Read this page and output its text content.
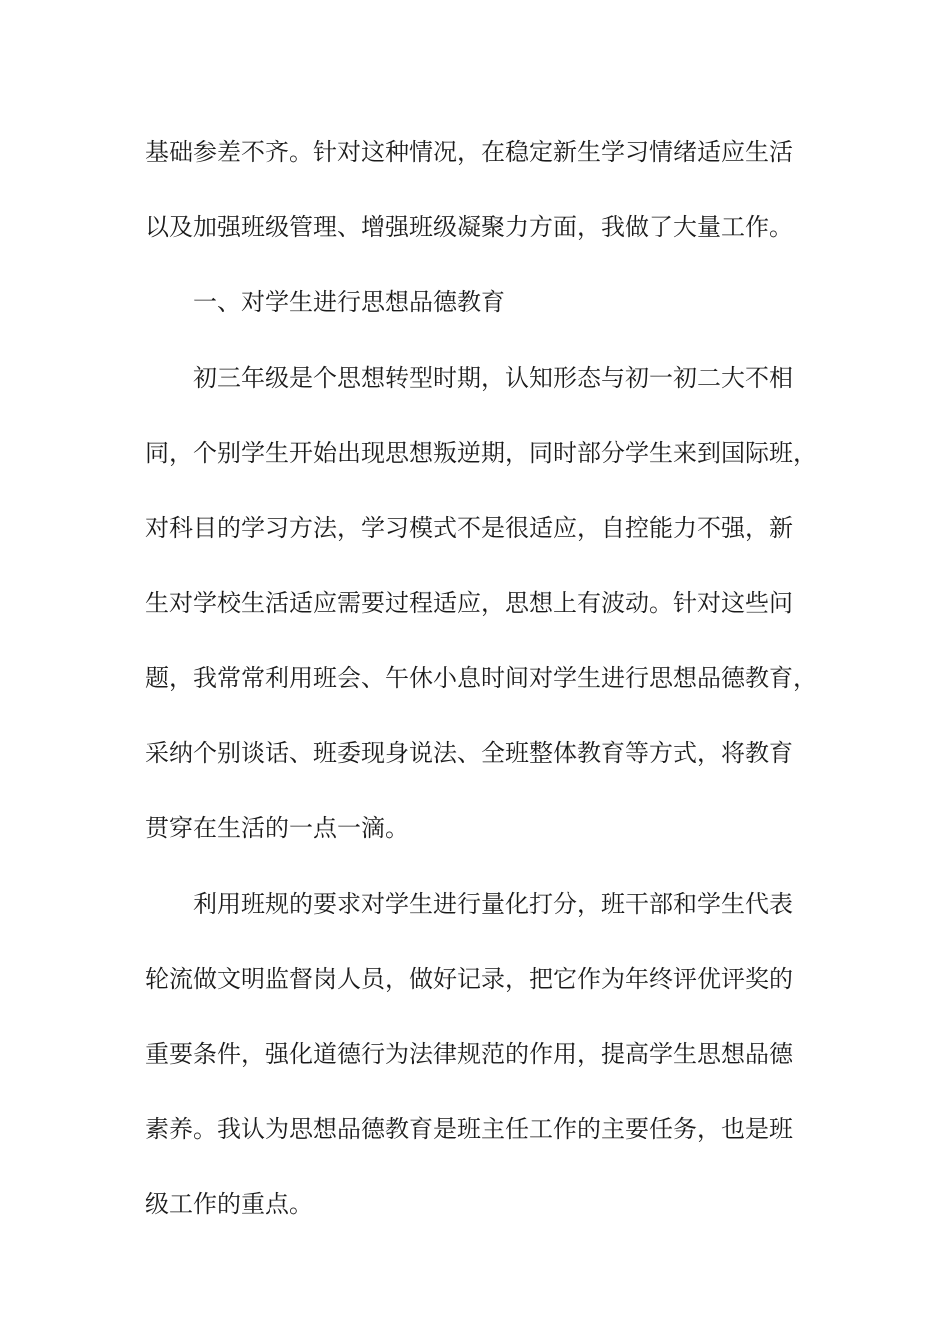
基础参差不齐。针对这种情况，在稳定新生学习情绪适应生活
以及加强班级管理、增强班级凝聚力方面，我做了大量工作。
一、对学生进行思想品德教育
初三年级是个思想转型时期，认知形态与初一初二大不相
同，个别学生开始出现思想叛逆期，同时部分学生来到国际班，
对科目的学习方法，学习模式不是很适应，自控能力不强，新
生对学校生活适应需要过程适应，思想上有波动。针对这些问
题，我常常利用班会、午休小息时间对学生进行思想品德教育，
采纳个别谈话、班委现身说法、全班整体教育等方式，将教育
贯穿在生活的一点一滴。
利用班规的要求对学生进行量化打分，班干部和学生代表
轮流做文明监督岗人员，做好记录，把它作为年终评优评奖的
重要条件，强化道德行为法律规范的作用，提高学生思想品德
素养。我认为思想品德教育是班主任工作的主要任务，也是班
级工作的重点。
